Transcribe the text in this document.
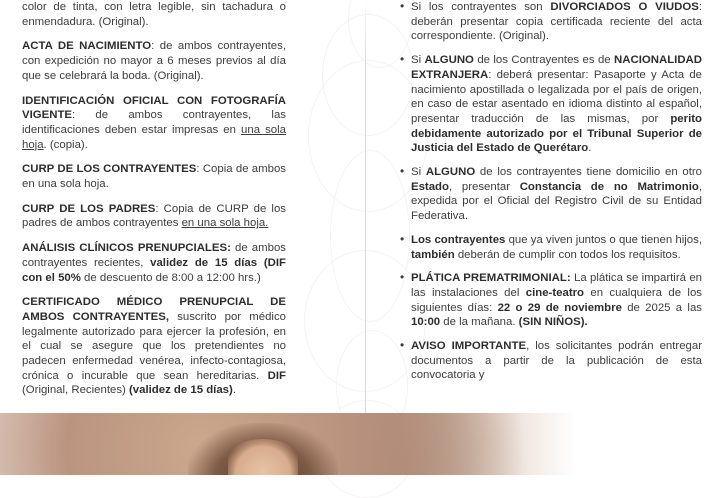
color de tinta, con letra legible, sin tachadura o enmendadura. (Original).

ACTA DE NACIMIENTO: de ambos contrayentes, con expedición no mayor a 6 meses previos al día que se celebrará la boda. (Original).

IDENTIFICACIÓN OFICIAL CON FOTOGRAFÍA VIGENTE: de ambos contrayentes, las identificaciones deben estar impresas en una sola hoja. (copia).

CURP DE LOS CONTRAYENTES: Copia de ambos en una sola hoja.

CURP DE LOS PADRES: Copia de CURP de los padres de ambos contrayentes en una sola hoja.

ANÁLISIS CLÍNICOS PRENUPCIALES: de ambos contrayentes recientes, validez de 15 días (DIF con el 50% de descuento de 8:00 a 12:00 hrs.)

CERTIFICADO MÉDICO PRENUPCIAL DE AMBOS CONTRAYENTES, suscrito por médico legalmente autorizado para ejercer la profesión, en el cual se asegure que los pretendientes no padecen enfermedad venérea, infecto-contagiosa, crónica o incurable que sean hereditarias. DIF (Original, Recientes) (validez de 15 días).

• Si los contrayentes son DIVORCIADOS O VIUDOS: deberán presentar copia certificada reciente del acta correspondiente. (Original).
• Si ALGUNO de los Contrayentes es de NACIONALIDAD EXTRANJERA: deberá presentar: Pasaporte y Acta de nacimiento apostillada o legalizada por el país de origen, en caso de estar asentado en idioma distinto al español, presentar traducción de las mismas, por perito debidamente autorizado por el Tribunal Superior de Justicia del Estado de Querétaro.
• Si ALGUNO de los contrayentes tiene domicilio en otro Estado, presentar Constancia de no Matrimonio, expedida por el Oficial del Registro Civil de su Entidad Federativa.
• Los contrayentes que ya viven juntos o que tienen hijos, también deberán de cumplir con todos los requisitos.
• PLÁTICA PREMATRIMONIAL: La plática se impartirá en las instalaciones del cine-teatro en cualquiera de los siguientes días: 22 o 29 de noviembre de 2025 a las 10:00 de la mañana. (SIN NIÑOS).
• AVISO IMPORTANTE, los solicitantes podrán entregar documentos a partir de la publicación de esta convocatoria y
